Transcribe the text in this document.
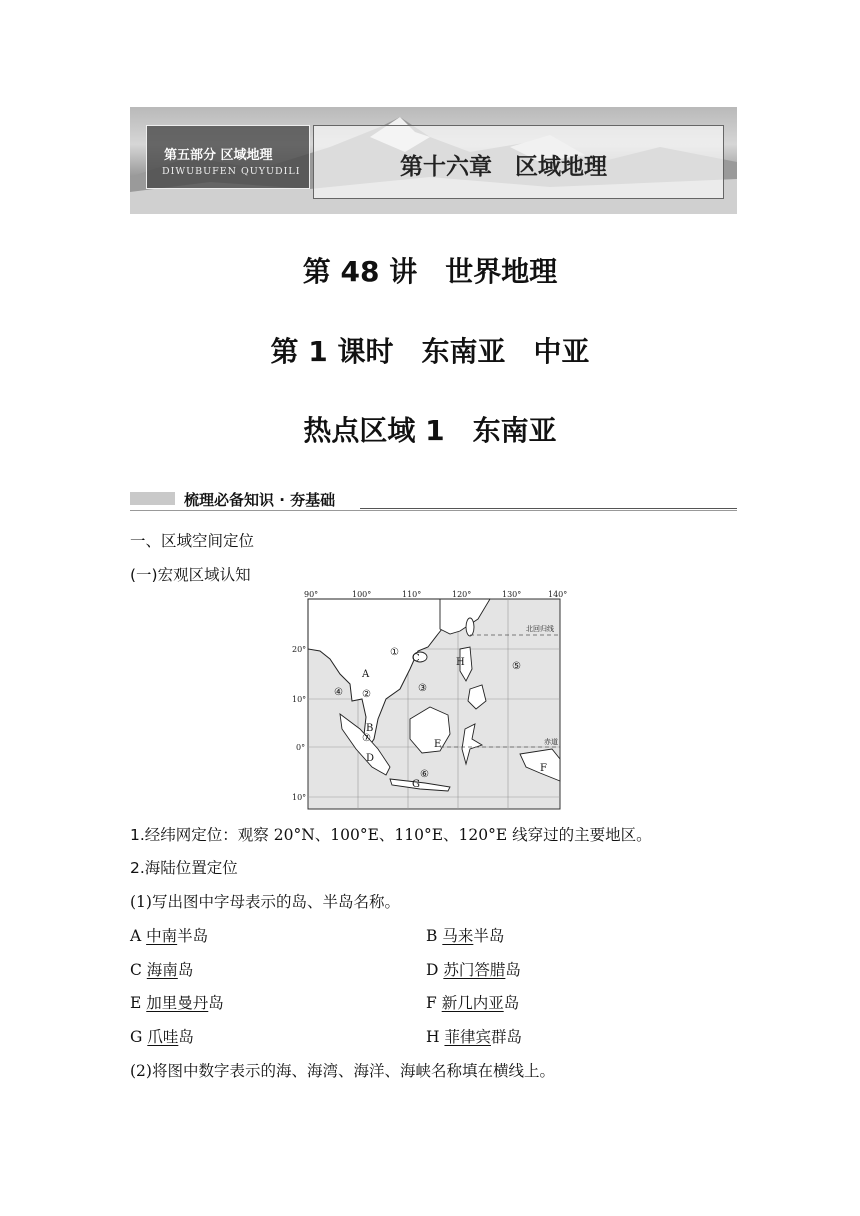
第五部分 区域地理
DIWUBUFEN QUYUDILI	第十六章　区域地理
第 48 讲　世界地理
第 1 课时　东南亚　中亚
热点区域 1　东南亚
梳理必备知识 · 夯基础
一、区域空间定位
(一)宏观区域认知
90°	100°	110°	120°	130°	140°
20°
10°
0°
10°
北回归线
赤道
A
B
C
D
E
F
G
H
①
②
③
④
⑤
⑥
⑦
1.经纬网定位：观察 20°N、100°E、110°E、120°E 线穿过的主要地区。
2.海陆位置定位
(1)写出图中字母表示的岛、半岛名称。
A 中南半岛	B 马来半岛
C 海南岛	D 苏门答腊岛
E 加里曼丹岛	F 新几内亚岛
G 爪哇岛	H 菲律宾群岛
(2)将图中数字表示的海、海湾、海洋、海峡名称填在横线上。
